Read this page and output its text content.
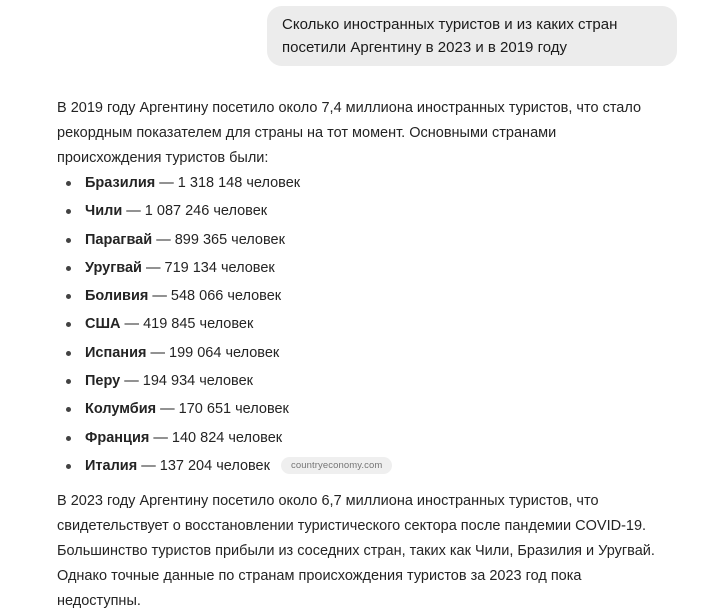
Сколько иностранных туристов и из каких стран посетили Аргентину в 2023 и в 2019 году

В 2019 году Аргентину посетило около 7,4 миллиона иностранных туристов, что стало рекордным показателем для страны на тот момент. Основными странами происхождения туристов были:

Бразилия — 1 318 148 человек
Чили — 1 087 246 человек
Парагвай — 899 365 человек
Уругвай — 719 134 человек
Боливия — 548 066 человек
США — 419 845 человек
Испания — 199 064 человек
Перу — 194 934 человек
Колумбия — 170 651 человек
Франция — 140 824 человек
Италия — 137 204 человек countryeconomy.com

В 2023 году Аргентину посетило около 6,7 миллиона иностранных туристов, что свидетельствует о восстановлении туристического сектора после пандемии COVID-19. Большинство туристов прибыли из соседних стран, таких как Чили, Бразилия и Уругвай. Однако точные данные по странам происхождения туристов за 2023 год пока недоступны.
